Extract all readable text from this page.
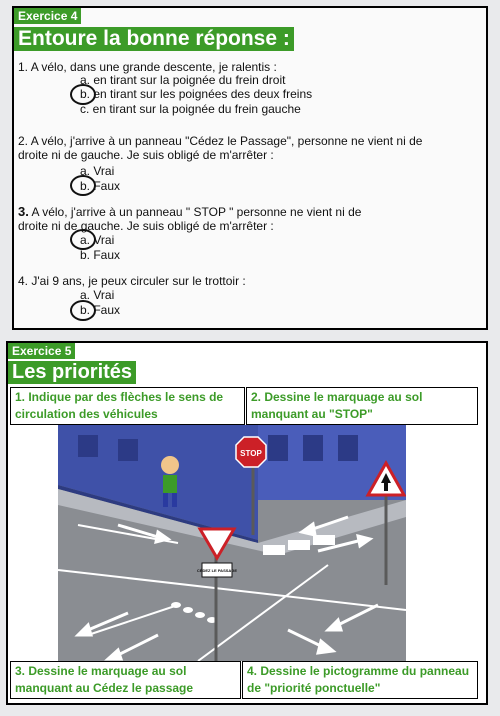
Exercice 4
Entoure la bonne réponse :
1. A vélo, dans une grande descente, je ralentis :
a. en tirant sur la poignée du frein droit
b. en tirant sur les poignées des deux freins
c. en tirant sur la poignée du frein gauche
2. A vélo, j'arrive à un panneau "Cédez le Passage", personne ne vient ni de
droite ni de gauche. Je suis obligé de m'arrêter :
a. Vrai
b. Faux
3. A vélo, j'arrive à un panneau " STOP " personne ne vient ni de
droite ni de gauche. Je suis obligé de m'arrêter :
a. Vrai
b. Faux
4. J'ai 9 ans, je peux circuler sur le trottoir :
a. Vrai
b. Faux
Exercice 5
Les priorités
1. Indique par des flèches le sens de circulation des véhicules
2. Dessine le marquage au sol manquant au "STOP"
STOP
CÉDEZ LE PASSAGE
3. Dessine le marquage au sol manquant au Cédez le passage
4. Dessine le pictogramme du panneau de "priorité ponctuelle"
